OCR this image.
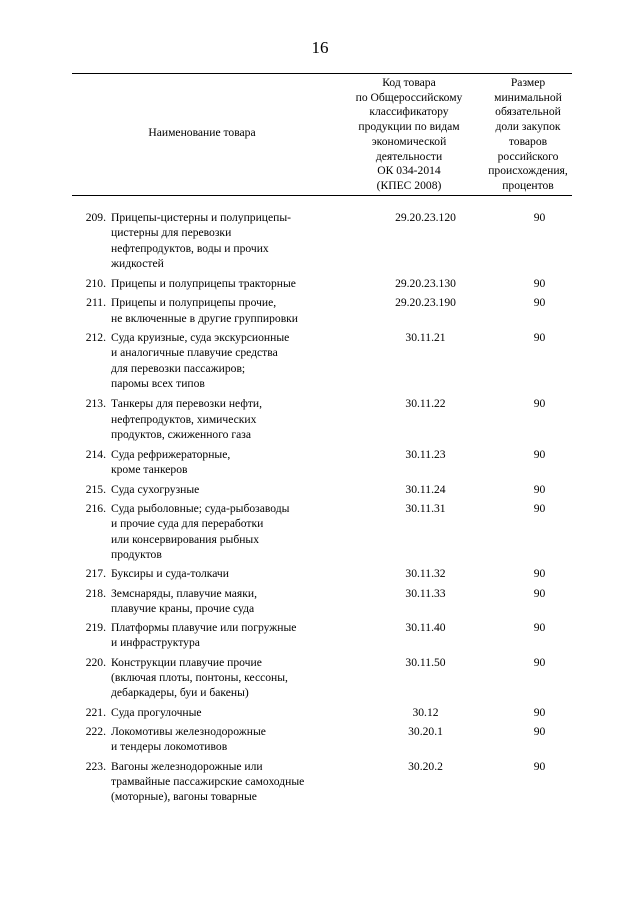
16
Наименование товара
Код товара
по Общероссийскому
классификатору
продукции по видам
экономической
деятельности
ОК 034-2014
(КПЕС 2008)
Размер
минимальной
обязательной
доли закупок
товаров
российского
происхождения,
процентов
209. Прицепы-цистерны и полуприцепы-
цистерны для перевозки
нефтепродуктов, воды и прочих
жидкостей
29.20.23.120	90
210. Прицепы и полуприцепы тракторные	29.20.23.130	90
211. Прицепы и полуприцепы прочие,
не включенные в другие группировки
29.20.23.190	90
212. Суда круизные, суда экскурсионные
и аналогичные плавучие средства
для перевозки пассажиров;
паромы всех типов
30.11.21	90
213. Танкеры для перевозки нефти,
нефтепродуктов, химических
продуктов, сжиженного газа
30.11.22	90
214. Суда рефрижераторные,
кроме танкеров
30.11.23	90
215. Суда сухогрузные	30.11.24	90
216. Суда рыболовные; суда-рыбозаводы
и прочие суда для переработки
или консервирования рыбных
продуктов
30.11.31	90
217. Буксиры и суда-толкачи	30.11.32	90
218. Земснаряды, плавучие маяки,
плавучие краны, прочие суда
30.11.33	90
219. Платформы плавучие или погружные
и инфраструктура
30.11.40	90
220. Конструкции плавучие прочие
(включая плоты, понтоны, кессоны,
дебаркадеры, буи и бакены)
30.11.50	90
221. Суда прогулочные	30.12	90
222. Локомотивы железнодорожные
и тендеры локомотивов
30.20.1	90
223. Вагоны железнодорожные или
трамвайные пассажирские самоходные
(моторные), вагоны товарные
30.20.2	90
